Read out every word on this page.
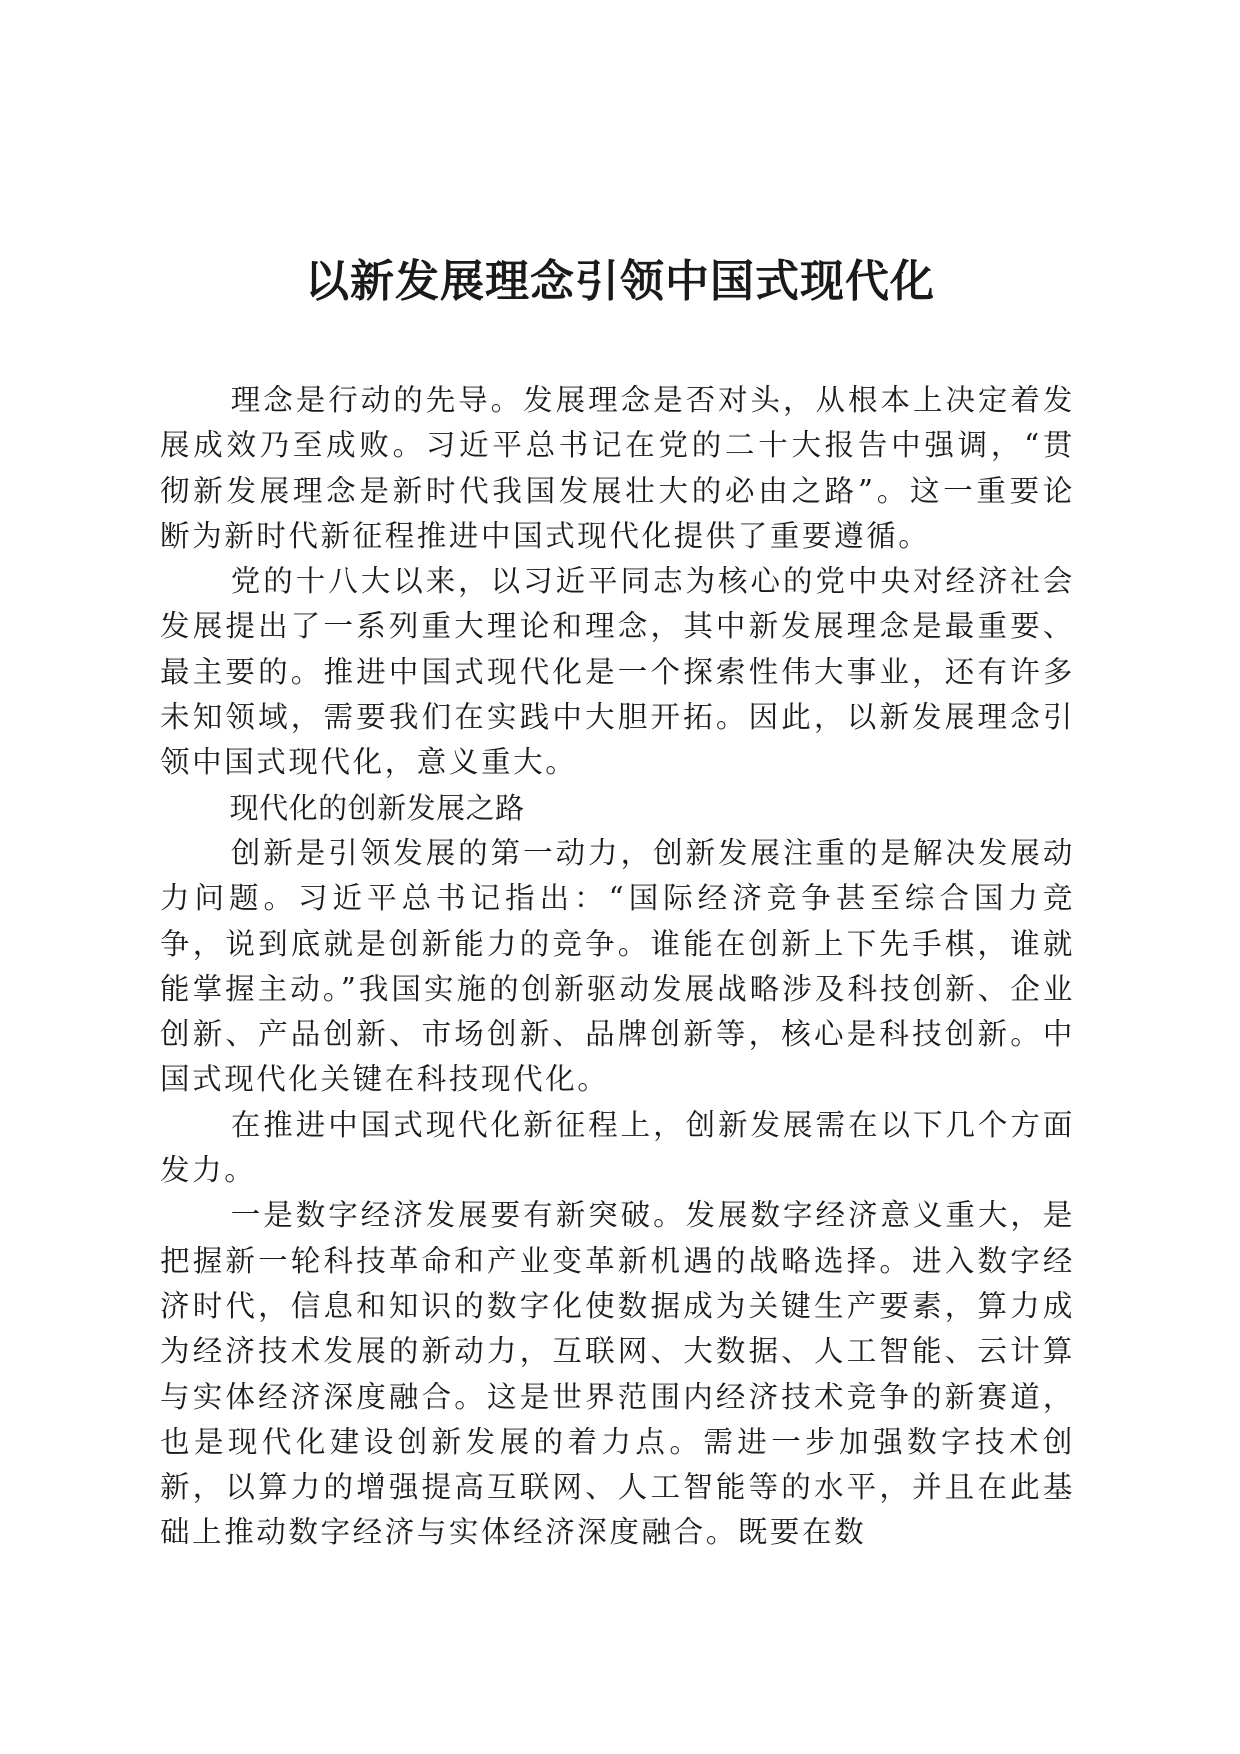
以新发展理念引领中国式现代化

理念是行动的先导。发展理念是否对头，从根本上决定着发展成效乃至成败。习近平总书记在党的二十大报告中强调，“贯彻新发展理念是新时代我国发展壮大的必由之路”。这一重要论断为新时代新征程推进中国式现代化提供了重要遵循。

党的十八大以来，以习近平同志为核心的党中央对经济社会发展提出了一系列重大理论和理念，其中新发展理念是最重要、最主要的。推进中国式现代化是一个探索性伟大事业，还有许多未知领域，需要我们在实践中大胆开拓。因此，以新发展理念引领中国式现代化，意义重大。

现代化的创新发展之路

创新是引领发展的第一动力，创新发展注重的是解决发展动力问题。习近平总书记指出：“国际经济竞争甚至综合国力竞争，说到底就是创新能力的竞争。谁能在创新上下先手棋，谁就能掌握主动。”我国实施的创新驱动发展战略涉及科技创新、企业创新、产品创新、市场创新、品牌创新等，核心是科技创新。中国式现代化关键在科技现代化。

在推进中国式现代化新征程上，创新发展需在以下几个方面发力。

一是数字经济发展要有新突破。发展数字经济意义重大，是把握新一轮科技革命和产业变革新机遇的战略选择。进入数字经济时代，信息和知识的数字化使数据成为关键生产要素，算力成为经济技术发展的新动力，互联网、大数据、人工智能、云计算与实体经济深度融合。这是世界范围内经济技术竞争的新赛道，也是现代化建设创新发展的着力点。需进一步加强数字技术创新，以算力的增强提高互联网、人工智能等的水平，并且在此基础上推动数字经济与实体经济深度融合。既要在数
